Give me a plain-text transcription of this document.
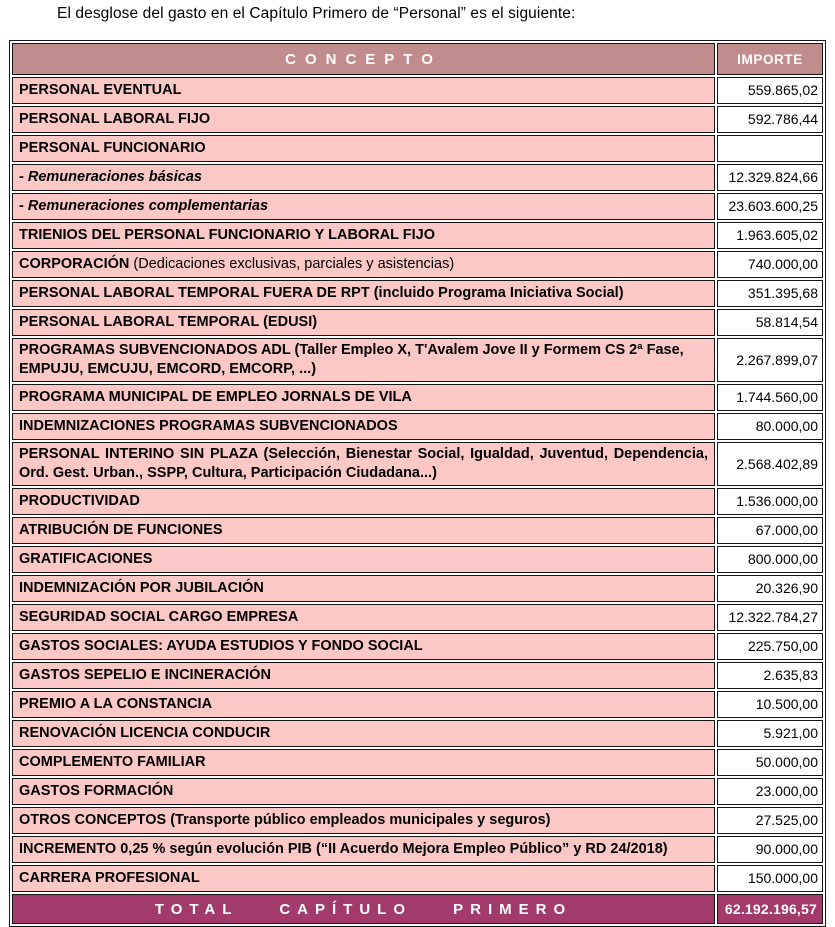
El desglose del gasto en el Capítulo Primero de “Personal” es el siguiente:

CONCEPTO	IMPORTE
PERSONAL EVENTUAL	559.865,02
PERSONAL LABORAL FIJO	592.786,44
PERSONAL FUNCIONARIO	
- Remuneraciones básicas	12.329.824,66
- Remuneraciones complementarias	23.603.600,25
TRIENIOS DEL PERSONAL FUNCIONARIO Y LABORAL FIJO	1.963.605,02
CORPORACIÓN (Dedicaciones exclusivas, parciales y asistencias)	740.000,00
PERSONAL LABORAL TEMPORAL FUERA DE RPT (incluido Programa Iniciativa Social)	351.395,68
PERSONAL LABORAL TEMPORAL (EDUSI)	58.814,54
PROGRAMAS SUBVENCIONADOS ADL (Taller Empleo X, T'Avalem Jove II y Formem CS 2ª Fase, EMPUJU, EMCUJU, EMCORD, EMCORP, ...)	2.267.899,07
PROGRAMA MUNICIPAL DE EMPLEO JORNALS DE VILA	1.744.560,00
INDEMNIZACIONES PROGRAMAS SUBVENCIONADOS	80.000,00
PERSONAL INTERINO SIN PLAZA (Selección, Bienestar Social, Igualdad, Juventud, Dependencia, Ord. Gest. Urban., SSPP, Cultura, Participación Ciudadana...)	2.568.402,89
PRODUCTIVIDAD	1.536.000,00
ATRIBUCIÓN DE FUNCIONES	67.000,00
GRATIFICACIONES	800.000,00
INDEMNIZACIÓN POR JUBILACIÓN	20.326,90
SEGURIDAD SOCIAL CARGO EMPRESA	12.322.784,27
GASTOS SOCIALES: AYUDA ESTUDIOS Y FONDO SOCIAL	225.750,00
GASTOS SEPELIO E INCINERACIÓN	2.635,83
PREMIO A LA CONSTANCIA	10.500,00
RENOVACIÓN LICENCIA CONDUCIR	5.921,00
COMPLEMENTO FAMILIAR	50.000,00
GASTOS FORMACIÓN	23.000,00
OTROS CONCEPTOS (Transporte público empleados municipales y seguros)	27.525,00
INCREMENTO 0,25 % según evolución PIB (“II Acuerdo Mejora Empleo Público” y RD 24/2018)	90.000,00
CARRERA PROFESIONAL	150.000,00
TOTAL CAPÍTULO PRIMERO	62.192.196,57
